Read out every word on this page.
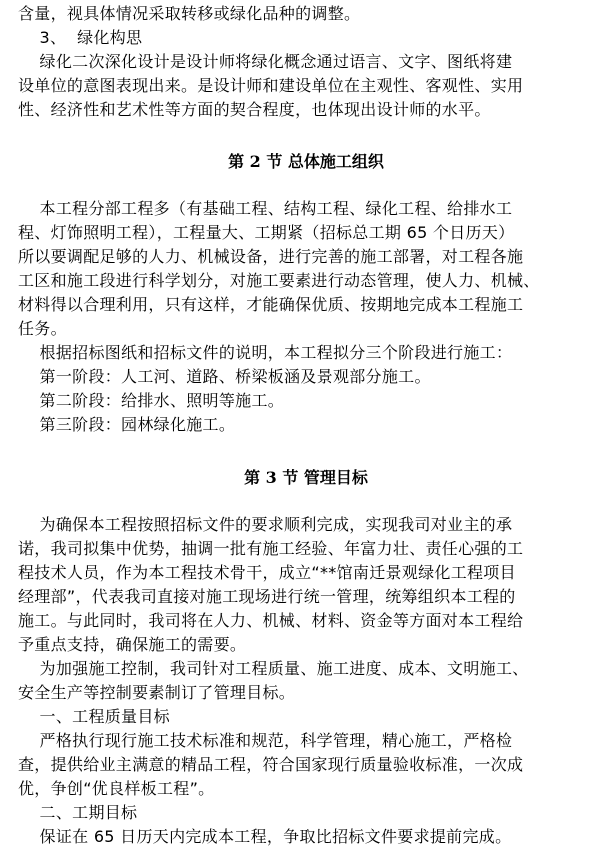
含量，视具体情况采取转移或绿化品种的调整。
3、  绿化构思
绿化二次深化设计是设计师将绿化概念通过语言、文字、图纸将建
设单位的意图表现出来。是设计师和建设单位在主观性、客观性、实用
性、经济性和艺术性等方面的契合程度，也体现出设计师的水平。
第 2 节 总体施工组织
本工程分部工程多（有基础工程、结构工程、绿化工程、给排水工
程、灯饰照明工程），工程量大、工期紧（招标总工期 65 个日历天）
所以要调配足够的人力、机械设备，进行完善的施工部署，对工程各施
工区和施工段进行科学划分，对施工要素进行动态管理，使人力、机械、
材料得以合理利用，只有这样，才能确保优质、按期地完成本工程施工
任务。
根据招标图纸和招标文件的说明，本工程拟分三个阶段进行施工：
第一阶段：人工河、道路、桥梁板涵及景观部分施工。
第二阶段：给排水、照明等施工。
第三阶段：园林绿化施工。
第 3 节 管理目标
为确保本工程按照招标文件的要求顺利完成，实现我司对业主的承
诺，我司拟集中优势，抽调一批有施工经验、年富力壮、责任心强的工
程技术人员，作为本工程技术骨干，成立“**馆南迁景观绿化工程项目
经理部”，代表我司直接对施工现场进行统一管理，统筹组织本工程的
施工。与此同时，我司将在人力、机械、材料、资金等方面对本工程给
予重点支持，确保施工的需要。
为加强施工控制，我司针对工程质量、施工进度、成本、文明施工、
安全生产等控制要素制订了管理目标。
一、工程质量目标
严格执行现行施工技术标准和规范，科学管理，精心施工，严格检
查，提供给业主满意的精品工程，符合国家现行质量验收标准，一次成
优，争创“优良样板工程”。
二、工期目标
保证在 65 日历天内完成本工程，争取比招标文件要求提前完成。
